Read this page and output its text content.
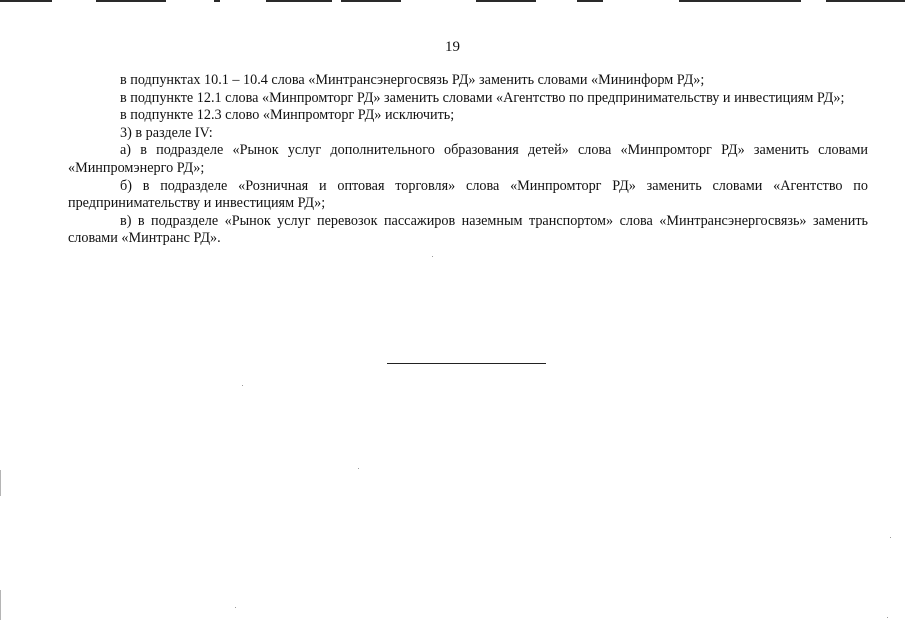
19

в подпунктах 10.1 – 10.4 слова «Минтрансэнергосвязь РД» заменить словами «Мининформ РД»;

в подпункте 12.1 слова «Минпромторг РД» заменить словами «Агентство по предпринимательству и инвестициям РД»;

в подпункте 12.3 слово «Минпромторг РД» исключить;

3) в разделе IV:

а) в подразделе «Рынок услуг дополнительного образования детей» слова «Минпромторг РД» заменить словами «Минпромэнерго РД»;

б) в подразделе «Розничная и оптовая торговля» слова «Минпромторг РД» заменить словами «Агентство по предпринимательству и инвестициям РД»;

в) в подразделе «Рынок услуг перевозок пассажиров наземным транспортом» слова «Минтрансэнергосвязь» заменить словами «Минтранс РД».
